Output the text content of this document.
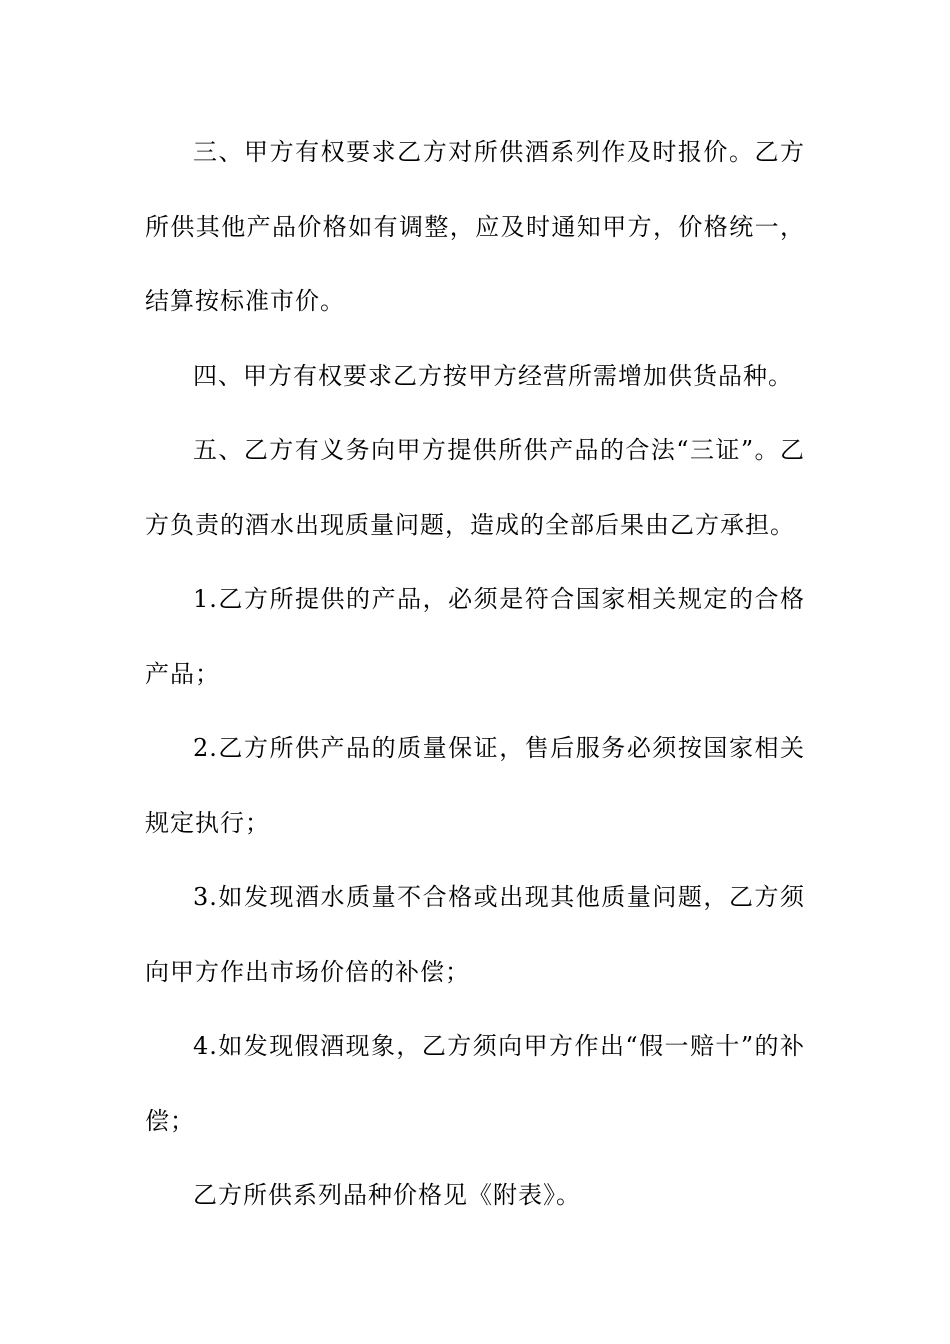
三、甲方有权要求乙方对所供酒系列作及时报价。乙方所供其他产品价格如有调整，应及时通知甲方，价格统一，结算按标准市价。

四、甲方有权要求乙方按甲方经营所需增加供货品种。

五、乙方有义务向甲方提供所供产品的合法“三证”。乙方负责的酒水出现质量问题，造成的全部后果由乙方承担。

1.乙方所提供的产品，必须是符合国家相关规定的合格产品；

2.乙方所供产品的质量保证，售后服务必须按国家相关规定执行；

3.如发现酒水质量不合格或出现其他质量问题，乙方须向甲方作出市场价倍的补偿；

4.如发现假酒现象，乙方须向甲方作出“假一赔十”的补偿；

乙方所供系列品种价格见《附表》。
